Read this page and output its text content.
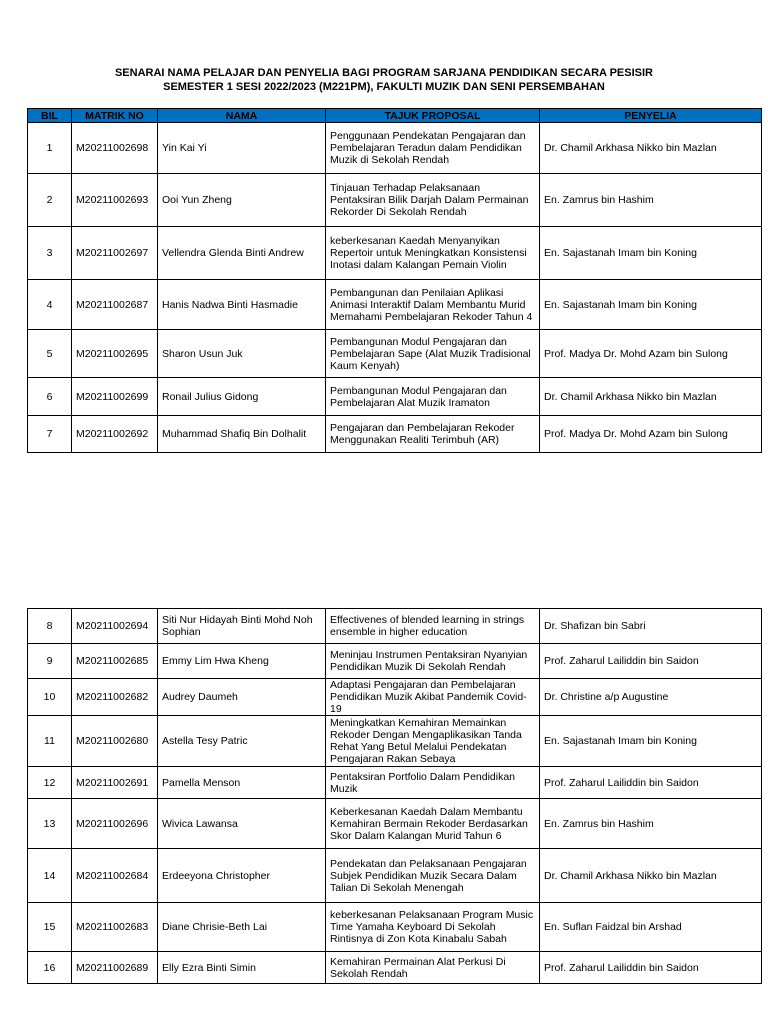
SENARAI NAMA PELAJAR DAN PENYELIA BAGI PROGRAM SARJANA PENDIDIKAN SECARA PESISIR
SEMESTER 1 SESI 2022/2023 (M221PM), FAKULTI MUZIK DAN SENI PERSEMBAHAN
BIL	MATRIK NO	NAMA	TAJUK PROPOSAL	PENYELIA
1	M20211002698	Yin Kai Yi	Penggunaan Pendekatan Pengajaran dan Pembelajaran Teradun dalam Pendidikan Muzik di Sekolah Rendah	Dr. Chamil Arkhasa Nikko bin Mazlan
2	M20211002693	Ooi Yun Zheng	Tinjauan Terhadap Pelaksanaan Pentaksiran Bilik Darjah Dalam Permainan Rekorder Di Sekolah Rendah	En. Zamrus bin Hashim
3	M20211002697	Vellendra Glenda Binti Andrew	keberkesanan Kaedah Menyanyikan Repertoir untuk Meningkatkan Konsistensi Inotasi dalam Kalangan Pemain Violin	En. Sajastanah Imam bin Koning
4	M20211002687	Hanis Nadwa Binti Hasmadie	Pembangunan dan Penilaian Aplikasi Animasi Interaktif Dalam Membantu Murid Memahami Pembelajaran Rekoder Tahun 4	En. Sajastanah Imam bin Koning
5	M20211002695	Sharon Usun Juk	Pembangunan Modul Pengajaran dan Pembelajaran Sape (Alat Muzik Tradisional Kaum Kenyah)	Prof. Madya Dr. Mohd Azam bin Sulong
6	M20211002699	Ronail Julius Gidong	Pembangunan Modul Pengajaran dan Pembelajaran Alat Muzik Iramaton	Dr. Chamil Arkhasa Nikko bin Mazlan
7	M20211002692	Muhammad Shafiq Bin Dolhalit	Pengajaran dan Pembelajaran Rekoder Menggunakan Realiti Terimbuh (AR)	Prof. Madya Dr. Mohd Azam bin Sulong
8	M20211002694	Siti Nur Hidayah Binti Mohd Noh Sophian	Effectivenes of blended learning in strings ensemble in higher education	Dr. Shafizan bin Sabri
9	M20211002685	Emmy Lim Hwa Kheng	Meninjau Instrumen Pentaksiran Nyanyian Pendidikan Muzik Di Sekolah Rendah	Prof. Zaharul Lailiddin bin Saidon
10	M20211002682	Audrey Daumeh	Adaptasi Pengajaran dan Pembelajaran Pendidikan Muzik Akibat Pandemik Covid-19	Dr. Christine a/p Augustine
11	M20211002680	Astella Tesy Patric	Meningkatkan Kemahiran Memainkan Rekoder Dengan Mengaplikasikan Tanda Rehat Yang Betul Melalui Pendekatan Pengajaran Rakan Sebaya	En. Sajastanah Imam bin Koning
12	M20211002691	Pamella Menson	Pentaksiran Portfolio Dalam Pendidikan Muzik	Prof. Zaharul Lailiddin bin Saidon
13	M20211002696	Wivica Lawansa	Keberkesanan Kaedah Dalam Membantu Kemahiran Bermain Rekoder Berdasarkan Skor Dalam Kalangan Murid Tahun 6	En. Zamrus bin Hashim
14	M20211002684	Erdeeyona Christopher	Pendekatan dan Pelaksanaan Pengajaran Subjek Pendidikan Muzik Secara Dalam Talian Di Sekolah Menengah	Dr. Chamil Arkhasa Nikko bin Mazlan
15	M20211002683	Diane Chrisie-Beth Lai	keberkesanan Pelaksanaan Program Music Time Yamaha Keyboard Di Sekolah Rintisnya di Zon Kota Kinabalu Sabah	En. Suflan Faidzal bin Arshad
16	M20211002689	Elly Ezra Binti Simin	Kemahiran Permainan Alat Perkusi Di Sekolah Rendah	Prof. Zaharul Lailiddin bin Saidon
